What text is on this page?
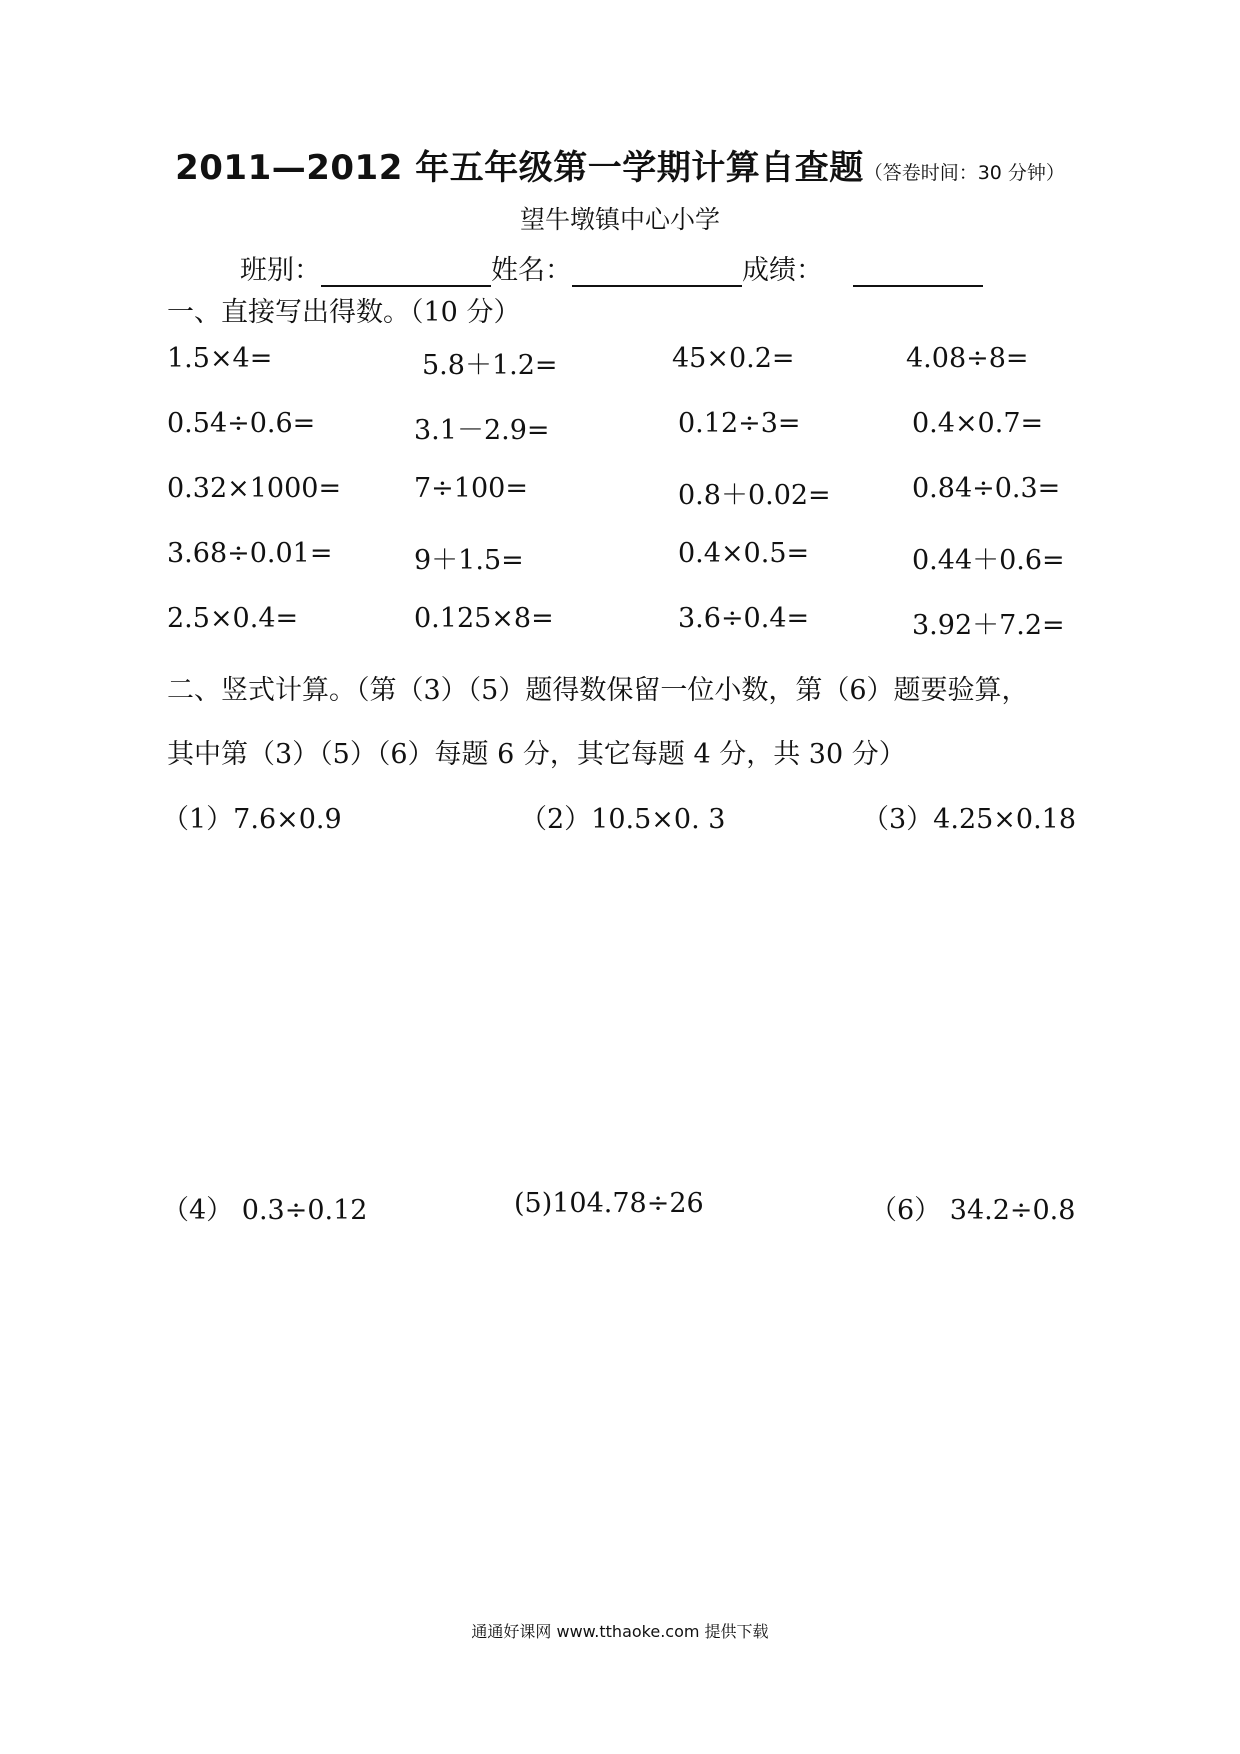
2011—2012 年五年级第一学期计算自查题（答卷时间：30 分钟）
望牛墩镇中心小学
班别：	姓名：	成绩：
一、直接写出得数。（10 分）
1.5×4=	5.8＋1.2=	45×0.2=	4.08÷8=
0.54÷0.6=	3.1－2.9=	0.12÷3=	0.4×0.7=
0.32×1000=	7÷100=	0.8＋0.02=	0.84÷0.3=
3.68÷0.01=	9＋1.5=	0.4×0.5=	0.44＋0.6=
2.5×0.4=	0.125×8=	3.6÷0.4=	3.92＋7.2=
二、竖式计算。（第（3）（5）题得数保留一位小数，第（6）题要验算，
其中第（3）（5）（6）每题 6 分，其它每题 4 分，共 30 分）
（1）7.6×0.9	（2）10.5×0. 3	（3）4.25×0.18
（4） 0.3÷0.12	(5)104.78÷26	（6） 34.2÷0.8
通通好课网 www.tthaoke.com 提供下载
